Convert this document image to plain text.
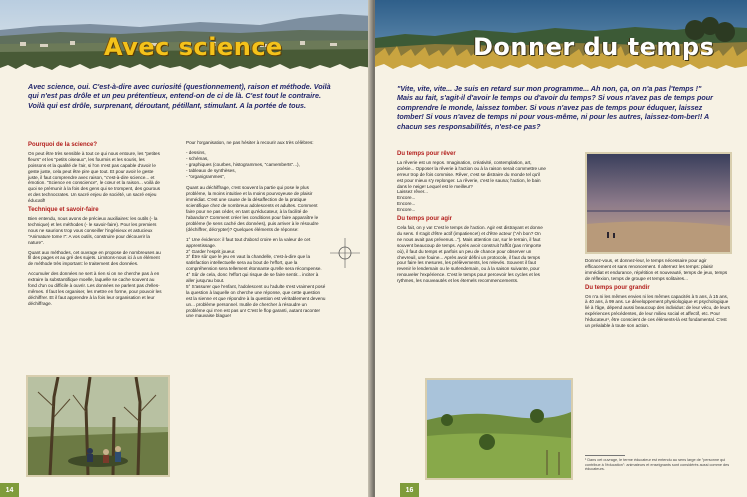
Avec science
Avec science, oui. C'est-à-dire avec curiosité (questionnement), raison et méthode. Voilà qui n'est pas drôle et un peu prétentieux, entend-on de ci de là. C'est tout le contraire. Voilà qui est drôle, surprenant, déroutant, pétillant, stimulant. A la portée de tous.
Pourquoi de la science?

On peut être très sensible à tout ce qui nous entoure, les "petites fleurs" et les "petits oiseaux", les fourmis et les souris, les poissons et la qualité de l'air, si l'on n'est pas capable d'avoir le geste juste, cela peut être pire que tout. Et pour avoir le geste juste, il faut comprendre avec raison, "c'est-à-dire science... et émotion. "Science en conscience", le cœur et la raison... voilà de quoi se prémunir à la fois des gens qui se trompent, des gourous et des technocrates. Un sacré enjeu de société, un sacré enjeu éducatif!

Technique et savoir-faire

Bien entendu, nous avons de précieux auxiliaires: les outils (- la technique) et les méthodes (- le savoir-faire). Pour les premiers nous ne saurions trop vous conseiller l'ingénieux et astucieux "Animature tome I": A vos outils, construire pour découvrir la nature".

Quant aux méthodes, cet ouvrage en propose de nombreuses au fil des pages et au gré des sujets. Limitons-nous ici à un élément de méthode très important: le traitement des données.

Accumuler des données ne sert à rien si on ne cherche pas à en extraire la substantifique moelle, laquelle se cache souvent au fond d'un ou difficile à ouvrir. Les données ne parlent pas d'elles-mêmes. Il faut les organiser, les mettre en forme, pour pouvoir les déchiffrer. Et il faut apprendre à la fois leur organisation et leur déchiffrage.

Pour l'organisation, ne pas hésiter à recourir aux très célèbres:

- dessins,
- schémas,
- graphiques (courbes, histogrammes, "camemberts"...),
- tableaux de synthèses,
- "organigrammes",

Quant au déchiffrage, c'est souvent la partie qui pose le plus problème, la moins intuitive et la moins pourvoyeuse de plaisir immédiat. C'est une cause de la désaffection de la pratique scientifique chez de nombreux adolescents et adultes. Comment faire pour ne pas céder, en tant qu'éducateur, à la facilité de l'abandon? Comment créer les conditions pour faire apparaître le problème (le sens caché des données), puis arriver à le résoudre (déchiffrer, décrypter)? Quelques éléments de réponse:

1° Une évidence: il faut tout d'abord croire en la valeur de cet apprentissage.
2° Garder l'esprit joueur.
3° Être sûr que le jeu en vaut la chandelle, c'est-à-dire que la satisfaction intellectuelle sera au bout de l'effort, que la compréhension sera tellement étonnante qu'elle sera récompense.
4° Sûr de cela, donc l'effort qui risque de se faire sentir... inciter à aller jusqu'au bout.
5° S'assurer que l'enfant, l'adolescent ou l'adulte s'est vraiment posé la question à laquelle on cherche une réponse, que cette question est la sienne et que répondre à la question est véritablement devenu un... problème personnel. Inutile de chercher à résoudre un problème qui n'en est pas un! C'est le flop garanti, autant raconter une mauvaise blague!
14
Donner du temps
"Vite, vite, vite... Je suis en retard sur mon programme... Ah non, ça, on n'a pas l'temps !" Mais au fait, s'agit-il d'avoir le temps ou d'avoir du temps? Si vous n'avez pas de temps pour comprendre le monde, laissez tomber. Si vous n'avez pas de temps pour éduquer, laissez tomber! Si vous n'avez de temps ni pour vous-même, ni pour les autres, laissez-tom-ber!! A chacun ses responsabilités, n'est-ce pas?
Du temps pour rêver

La rêverie est un repos. Imagination, créativité, contemplation, art, poésie... Opposer la rêverie à l'action ou à la raison serait commettre une erreur trop de fois commise. Rêver, c'est se distraire du monde tel qu'il est pour mieux s'y replonger. La rêverie, c'est le sauna; l'action, le bain dans le neige! Lequel est le meilleur?

Laissez rêver...
Encore...
Encore...
Encore...
Du temps pour agir

Cela fait, on y va! C'est le temps de l'action. Agir est distrayant et donne du sens. Il s'agit d'être actif (impatience!) et d'être acteur ("Ah bon? On ne nous avait pas prévenus..."). Mais attention car, sur le terrain, il faut souvent beaucoup de temps. Après avoir construit l'affût (pas n'importe où), il faut du temps et parfois un peu de chance pour observer un chevreuil, une fouine... Après avoir défini un protocole, il faut du temps pour faire les mesures, les prélèvements, les relevés. Souvent il faut revenir le lendemain ou le surlendemain, ou à la saison suivante, pour renouveler l'expérience. C'est le temps pour percevoir les cycles et les rythmes, les nouveautés et les éternels recommencements.

Donnez-vous, et donnez-leur, le temps nécessaire pour agir efficacement et sans renoncement. Il alternez les temps: plaisir immédiat et endurance, répétition et nouveauté, temps de jeux, temps de réflexion, temps de groupe et temps solitaires...

Du temps pour grandir

On n'a ni les mêmes envies ni les mêmes capacités à 5 ans, à 15 ans, à 40 ans, à 99 ans. Le développement physiologique et psychologique lié à l'âge, dépend aussi beaucoup des individus: de leur vécu, de leurs expériences précédentes, de leur milieu social et affectif, etc. Pour l'éducateur¹, être conscient de ces éléments-là est fondamental. C'est un préalable à toute son action.

¹ Dans cet ouvrage, le terme éducateur est entendu au sens large de "personne qui contribue à l'éducation": animateurs et enseignants sont considérés aussi comme des éducateurs.
16
